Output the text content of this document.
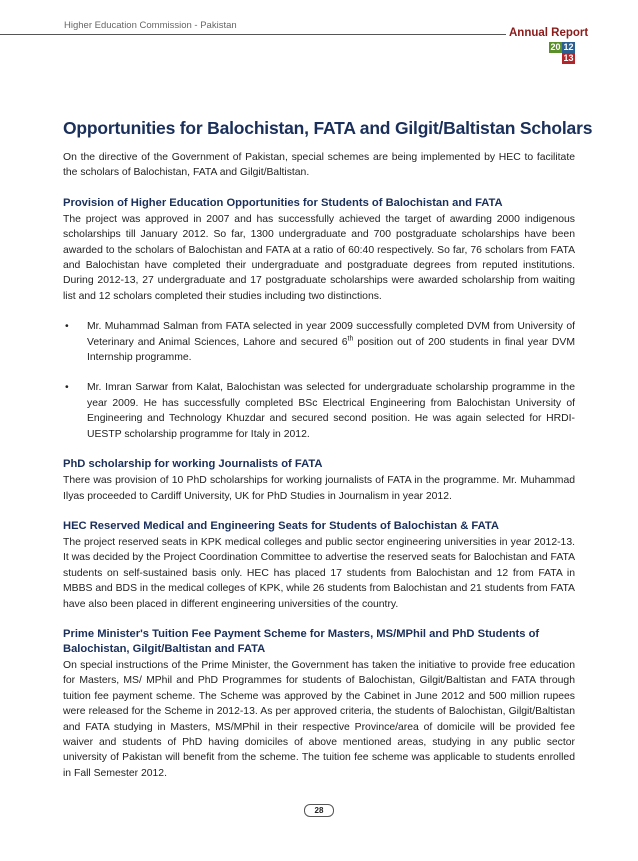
Higher Education Commission - Pakistan
Annual Report
20 12
13
Opportunities for Balochistan, FATA and Gilgit/Baltistan Scholars

On the directive of the Government of Pakistan, special schemes are being implemented by HEC to facilitate the scholars of Balochistan, FATA and Gilgit/Baltistan.

Provision of Higher Education Opportunities for Students of Balochistan and FATA

The project was approved in 2007 and has successfully achieved the target of awarding 2000 indigenous scholarships till January 2012. So far, 1300 undergraduate and 700 postgraduate scholarships have been awarded to the scholars of Balochistan and FATA at a ratio of 60:40 respectively. So far, 76 scholars from FATA and Balochistan have completed their undergraduate and postgraduate degrees from reputed institutions. During 2012-13, 27 undergraduate and 17 postgraduate scholarships were awarded scholarship from waiting list and 12 scholars completed their studies including two distinctions.

• Mr. Muhammad Salman from FATA selected in year 2009 successfully completed DVM from University of Veterinary and Animal Sciences, Lahore and secured 6th position out of 200 students in final year DVM Internship programme.
• Mr. Imran Sarwar from Kalat, Balochistan was selected for undergraduate scholarship programme in the year 2009. He has successfully completed BSc Electrical Engineering from Balochistan University of Engineering and Technology Khuzdar and secured second position. He was again selected for HRDI-UESTP scholarship programme for Italy in 2012.
PhD scholarship for working Journalists of FATA

There was provision of 10 PhD scholarships for working journalists of FATA in the programme. Mr. Muhammad Ilyas proceeded to Cardiff University, UK for PhD Studies in Journalism in year 2012.

HEC Reserved Medical and Engineering Seats for Students of Balochistan & FATA

The project reserved seats in KPK medical colleges and public sector engineering universities in year 2012-13. It was decided by the Project Coordination Committee to advertise the reserved seats for Balochistan and FATA students on self-sustained basis only. HEC has placed 17 students from Balochistan and 12 from FATA in MBBS and BDS in the medical colleges of KPK, while 26 students from Balochistan and 21 students from FATA have also been placed in different engineering universities of the country.

Prime Minister's Tuition Fee Payment Scheme for Masters, MS/MPhil and PhD Students of Balochistan, Gilgit/Baltistan and FATA

On special instructions of the Prime Minister, the Government has taken the initiative to provide free education for Masters, MS/ MPhil and PhD Programmes for students of Balochistan, Gilgit/Baltistan and FATA through tuition fee payment scheme. The Scheme was approved by the Cabinet in June 2012 and 500 million rupees were released for the Scheme in 2012-13. As per approved criteria, the students of Balochistan, Gilgit/Baltistan and FATA studying in Masters, MS/MPhil in their respective Province/area of domicile will be provided fee waiver and students of PhD having domiciles of above mentioned areas, studying in any public sector university of Pakistan will benefit from the scheme. The tuition fee scheme was applicable to students enrolled in Fall Semester 2012.

28
